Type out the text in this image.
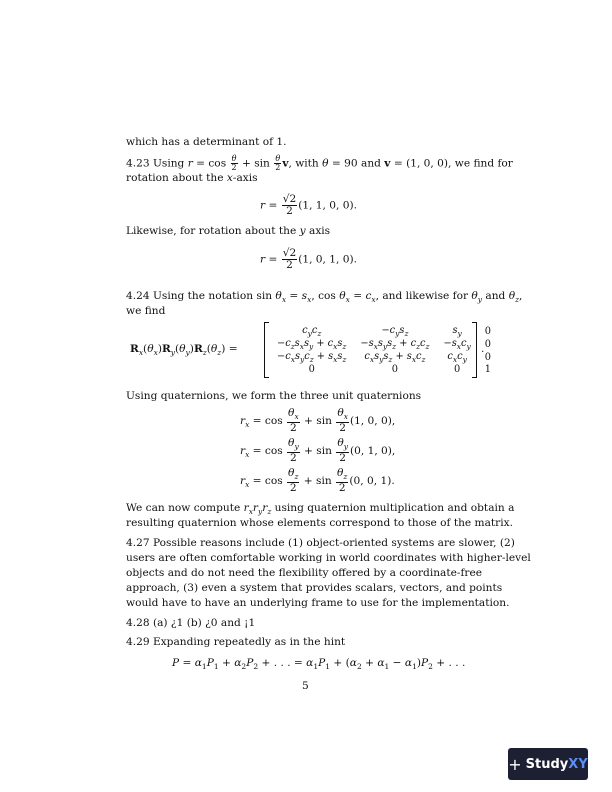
which has a determinant of 1.
4.23 Using $r = \cos \frac{\theta}{2} + \sin \frac{\theta}{2} v$, with θ = 90 and v = (1, 0, 0), we find for
rotation about the x-axis
$r = \frac{√2}{2} (1$, 1, 0, 0).
Likewise, for rotation about the y axis
$r = \frac{√2}{2} (1$, 0, 1, 0).
4.24 Using the notation $\sin \theta_x = s_x$, $\cos \theta_x = c_x$, and likewise for $\theta_y$ and $\theta_z$,
we find
$R_x(\theta_x)R_y(\theta_y)R_z(\theta_z)$ =
$c_yc_z$	$-c_ys_z$	$s_y$	0
$-c_zs_xs_y + c_xs_z$	$-s_xs_ys_z + c_zc_z$	$-s_xc_y$	0
$-c_xs_yc_z + s_xs_z$	$c_xs_ys_z + s_xc_z$	$c_xc_y$	0
0	0	0	1
.
Using quaternions, we form the three unit quaternions
$r_x = \cos \frac{\theta_x}{2} + \sin \frac{\theta_x}{2} (1$, 0, 0),
$r_x = \cos \frac{\theta_y}{2} + \sin \frac{\theta_y}{2} (0$, 1, 0),
$r_x = \cos \frac{\theta_z}{2} + \sin \frac{\theta_z}{2} (0$, 0, 1).
We can now compute $r_xr_yr_z$ using quaternion multiplication and obtain a
resulting quaternion whose elements correspond to those of the matrix.
4.27 Possible reasons include (1) object-oriented systems are slower, (2)
users are often comfortable working in world coordinates with higher-level
objects and do not need the flexibility offered by a coordinate-free
approach, (3) even a system that provides scalars, vectors, and points
would have to have an underlying frame to use for the implementation.
4.28 (a) ¿1 (b) ¿0 and ¡1
4.29 Expanding repeatedly as in the hint
$P = \alpha_1P_1 + \alpha_2P_2$ + . . . = $\alpha_1P_1 + (\alpha_2 + \alpha_1 - \alpha_1)P_2$ + . . .
5
+ Study XY
